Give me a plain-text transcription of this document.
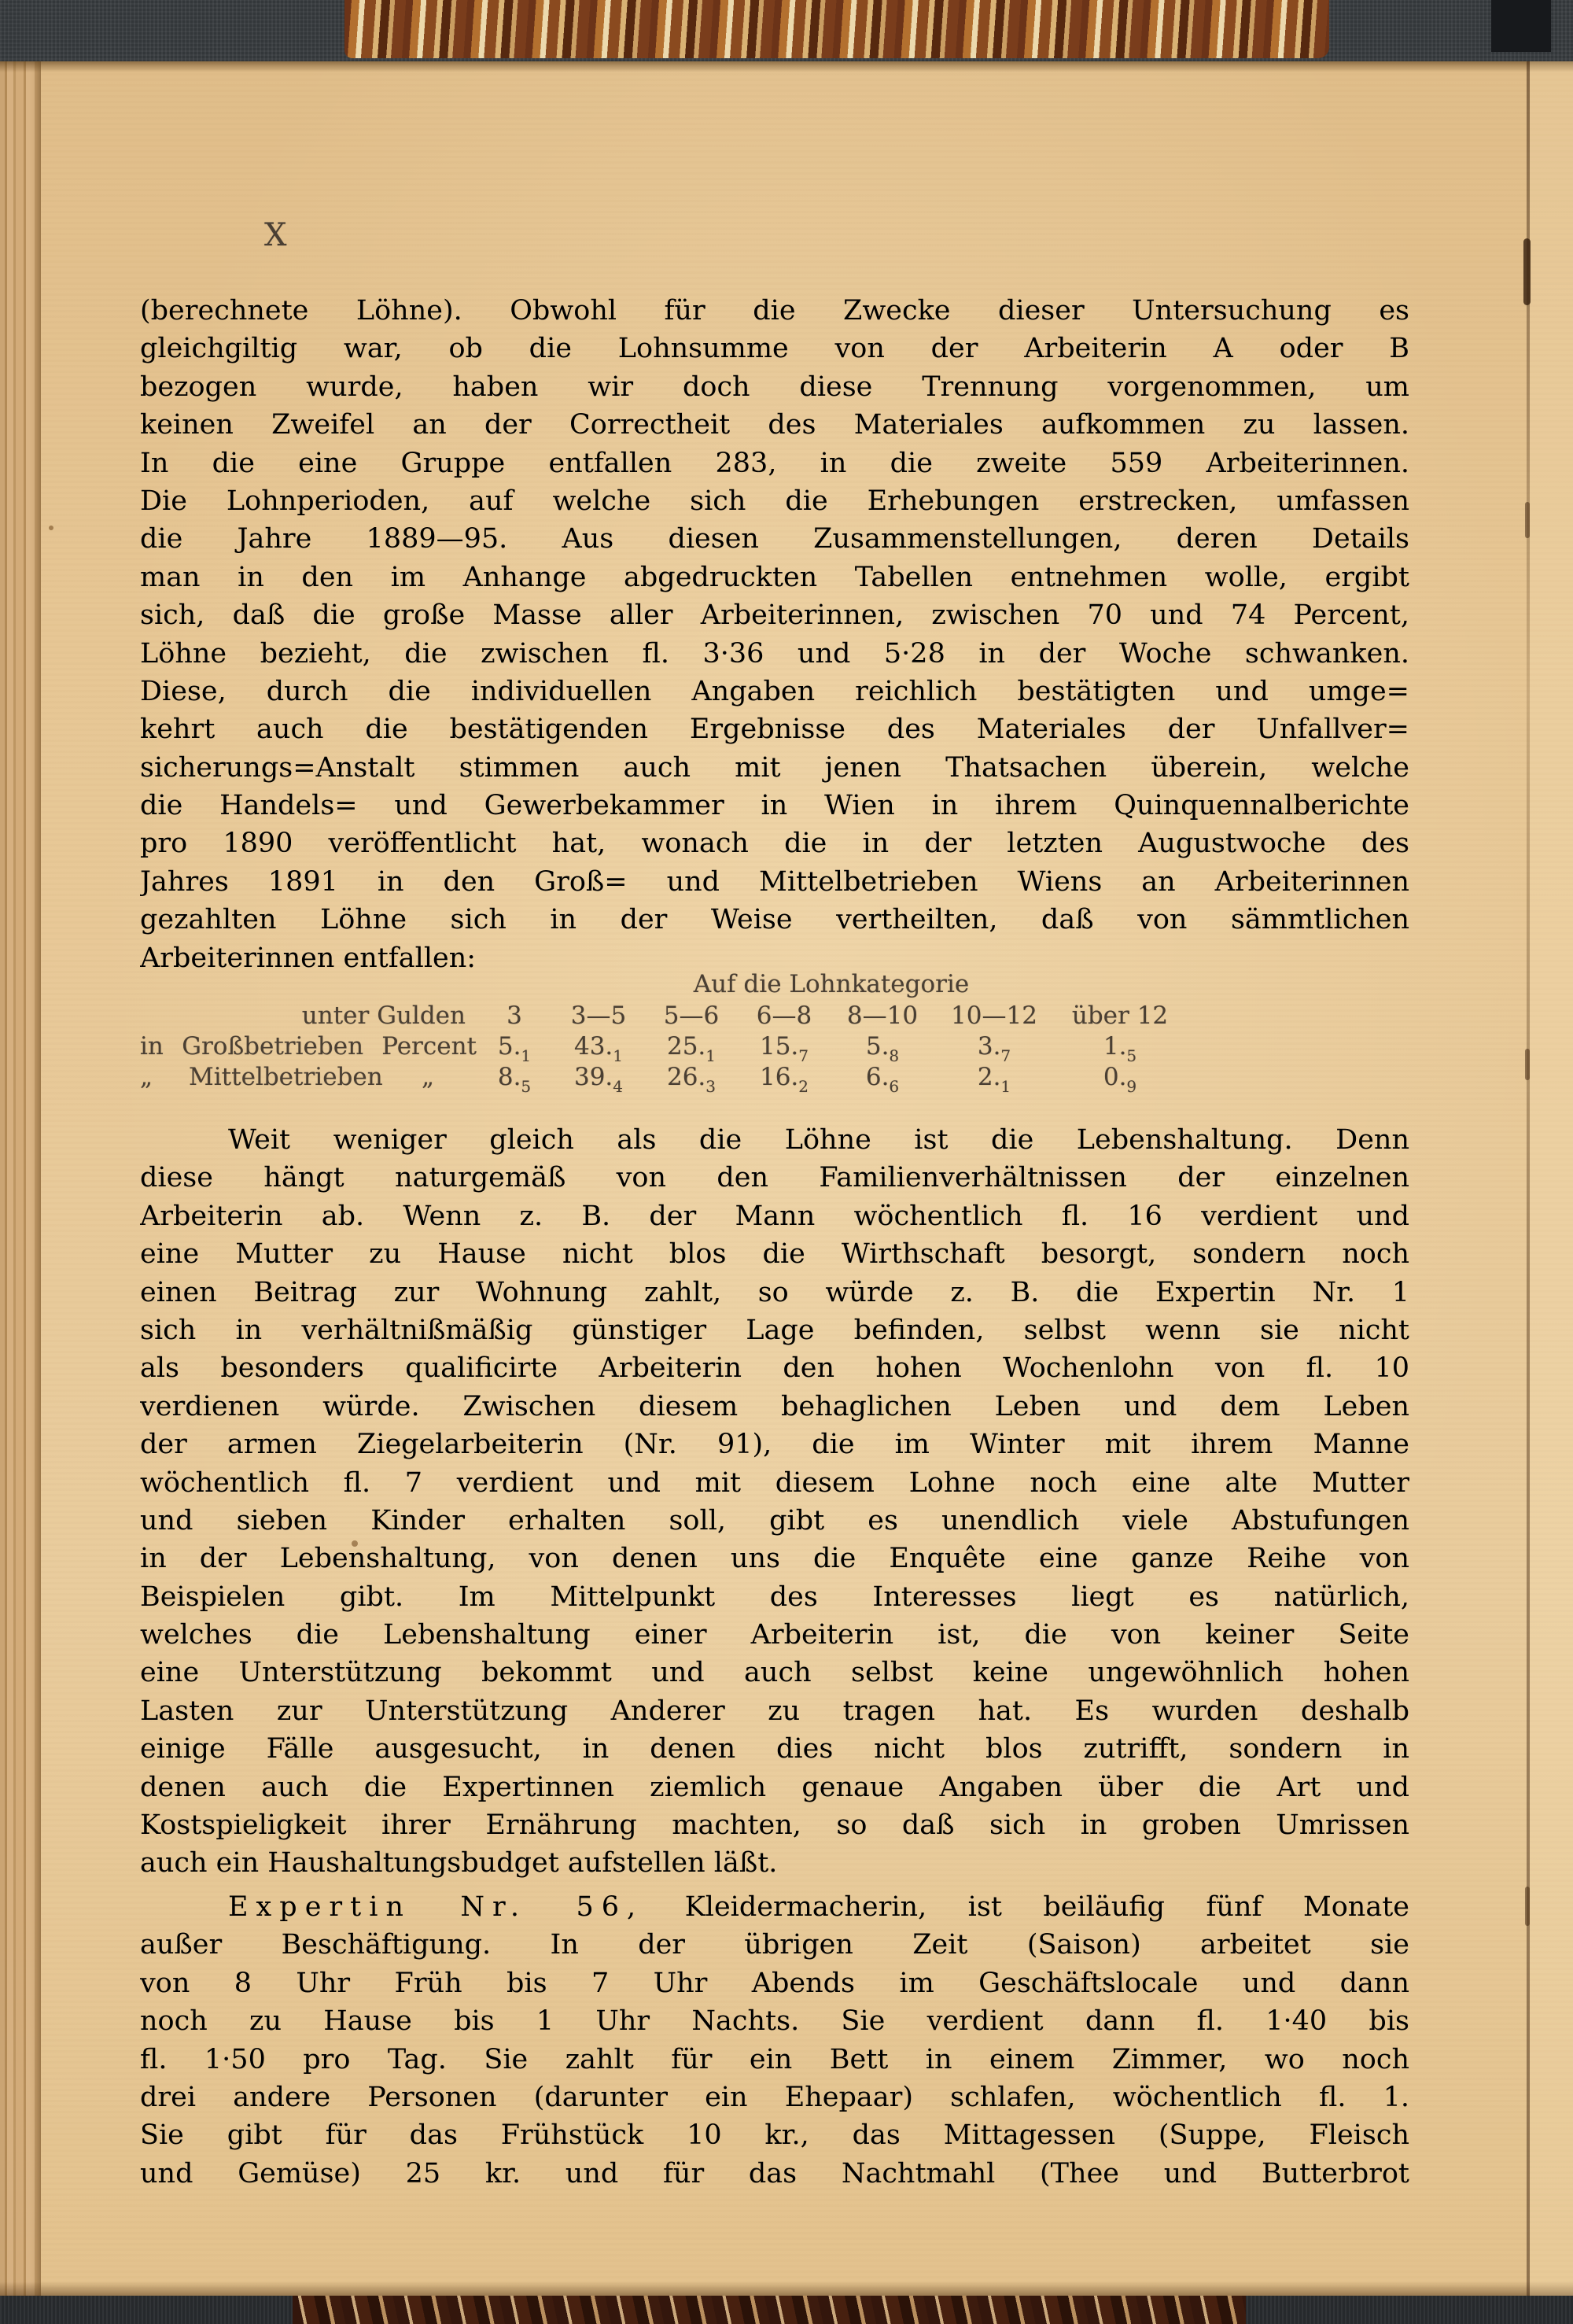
X
(berechnete Löhne). Obwohl für die Zwecke dieser Untersuchung es
gleichgiltig war, ob die Lohnsumme von der Arbeiterin A oder B
bezogen wurde, haben wir doch diese Trennung vorgenommen, um
keinen Zweifel an der Correctheit des Materiales aufkommen zu lassen.
In die eine Gruppe entfallen 283, in die zweite 559 Arbeiterinnen.
Die Lohnperioden, auf welche sich die Erhebungen erstrecken, umfassen
die Jahre 1889—95. Aus diesen Zusammenstellungen, deren Details
man in den im Anhange abgedruckten Tabellen entnehmen wolle, ergibt
sich, daß die große Masse aller Arbeiterinnen, zwischen 70 und 74 Percent,
Löhne bezieht, die zwischen fl. 3·36 und 5·28 in der Woche schwanken.
Diese, durch die individuellen Angaben reichlich bestätigten und umge=
kehrt auch die bestätigenden Ergebnisse des Materiales der Unfallver=
sicherungs=Anstalt stimmen auch mit jenen Thatsachen überein, welche
die Handels= und Gewerbekammer in Wien in ihrem Quinquennalberichte
pro 1890 veröffentlicht hat, wonach die in der letzten Augustwoche des
Jahres 1891 in den Groß= und Mittelbetrieben Wiens an Arbeiterinnen
gezahlten Löhne sich in der Weise vertheilten, daß von sämmtlichen
Arbeiterinnen entfallen:
Auf die Lohnkategorie
unter Gulden	3	3—5	5—6	6—8	8—10	10—12	über 12
in Großbetrieben Percent $5._1$	$43._1$	$25._1$	$15._7$	$5._8$	$3._7$	$1._5$
„	Mittelbetrieben	„	$8._5$	$39._4$	$26._3$	$16._2$	$6._6$	$2._1$	$0._9$
Weit weniger gleich als die Löhne ist die Lebenshaltung. Denn
diese hängt naturgemäß von den Familienverhältnissen der einzelnen
Arbeiterin ab. Wenn z. B. der Mann wöchentlich fl. 16 verdient und
eine Mutter zu Hause nicht blos die Wirthschaft besorgt, sondern noch
einen Beitrag zur Wohnung zahlt, so würde z. B. die Expertin Nr. 1
sich in verhältnißmäßig günstiger Lage befinden, selbst wenn sie nicht
als besonders qualificirte Arbeiterin den hohen Wochenlohn von fl. 10
verdienen würde. Zwischen diesem behaglichen Leben und dem Leben
der armen Ziegelarbeiterin (Nr. 91), die im Winter mit ihrem Manne
wöchentlich fl. 7 verdient und mit diesem Lohne noch eine alte Mutter
und sieben Kinder erhalten soll, gibt es unendlich viele Abstufungen
in der Lebenshaltung, von denen uns die Enquête eine ganze Reihe von
Beispielen gibt. Im Mittelpunkt des Interesses liegt es natürlich,
welches die Lebenshaltung einer Arbeiterin ist, die von keiner Seite
eine Unterstützung bekommt und auch selbst keine ungewöhnlich hohen
Lasten zur Unterstützung Anderer zu tragen hat. Es wurden deshalb
einige Fälle ausgesucht, in denen dies nicht blos zutrifft, sondern in
denen auch die Expertinnen ziemlich genaue Angaben über die Art und
Kostspieligkeit ihrer Ernährung machten, so daß sich in groben Umrissen
auch ein Haushaltungsbudget aufstellen läßt.
Expertin Nr. 56, Kleidermacherin, ist beiläufig fünf Monate
außer Beschäftigung. In der übrigen Zeit (Saison) arbeitet sie
von 8 Uhr Früh bis 7 Uhr Abends im Geschäftslocale und dann
noch zu Hause bis 1 Uhr Nachts. Sie verdient dann fl. 1·40 bis
fl. 1·50 pro Tag. Sie zahlt für ein Bett in einem Zimmer, wo noch
drei andere Personen (darunter ein Ehepaar) schlafen, wöchentlich fl. 1.
Sie gibt für das Frühstück 10 kr., das Mittagessen (Suppe, Fleisch
und Gemüse) 25 kr. und für das Nachtmahl (Thee und Butterbrot
